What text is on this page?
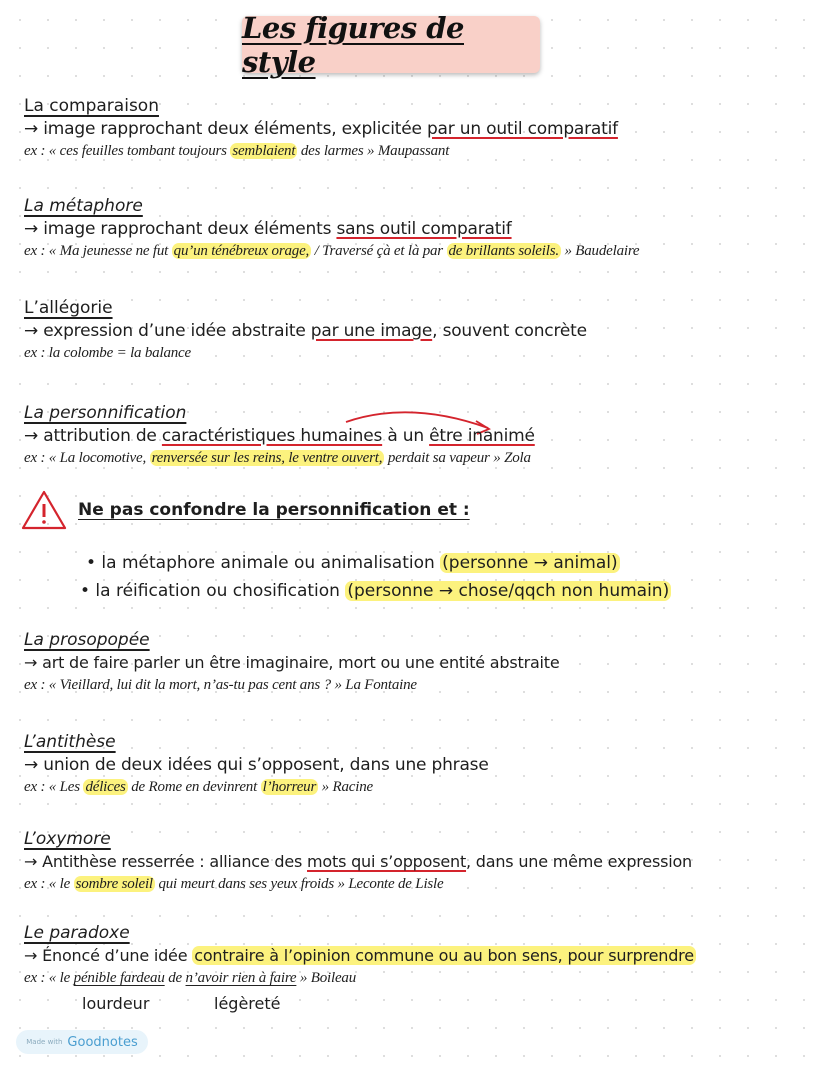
Les figures de style
La comparaison
→ image rapprochant deux éléments, explicitée par un outil comparatif
ex : « ces feuilles tombant toujours semblaient des larmes » Maupassant
La métaphore
→ image rapprochant deux éléments sans outil comparatif
ex : « Ma jeunesse ne fut qu’un ténébreux orage, / Traversé çà et là par de brillants soleils. » Baudelaire
L’allégorie
→ expression d’une idée abstraite par une image, souvent concrète
ex : la colombe = la balance
La personnification
→ attribution de caractéristiques humaines à un être inanimé
ex : « La locomotive, renversée sur les reins, le ventre ouvert, perdait sa vapeur » Zola
Ne pas confondre la personnification et :
• la métaphore animale ou animalisation (personne → animal)
• la réification ou chosification (personne → chose/qqch non humain)
La prosopopée
→ art de faire parler un être imaginaire, mort ou une entité abstraite
ex : « Vieillard, lui dit la mort, n’as-tu pas cent ans ? » La Fontaine
L’antithèse
→ union de deux idées qui s’opposent, dans une phrase
ex : « Les délices de Rome en devinrent l’horreur » Racine
L’oxymore
→ Antithèse resserrée : alliance des mots qui s’opposent, dans une même expression
ex : « le sombre soleil qui meurt dans ses yeux froids » Leconte de Lisle
Le paradoxe
→ Énoncé d’une idée contraire à l’opinion commune ou au bon sens, pour surprendre
ex : « le pénible fardeau de n’avoir rien à faire » Boileau
lourdeur	légèreté
Made with Goodnotes
